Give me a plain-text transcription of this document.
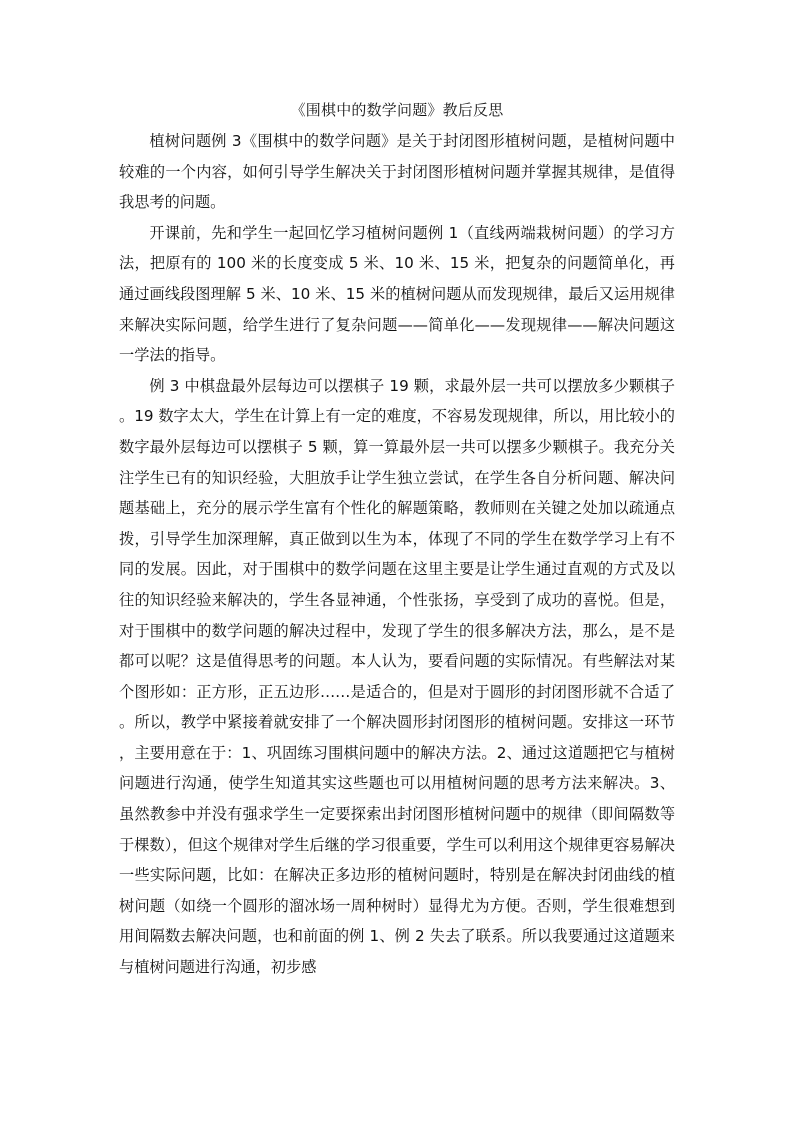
《围棋中的数学问题》教后反思

植树问题例 3《围棋中的数学问题》是关于封闭图形植树问题，是植树问题中较难的一个内容，如何引导学生解决关于封闭图形植树问题并掌握其规律，是值得我思考的问题。

开课前，先和学生一起回忆学习植树问题例 1（直线两端栽树问题）的学习方法，把原有的 100 米的长度变成 5 米、10 米、15 米，把复杂的问题简单化，再通过画线段图理解 5 米、10 米、15 米的植树问题从而发现规律，最后又运用规律来解决实际问题，给学生进行了复杂问题——简单化——发现规律——解决问题这一学法的指导。

例 3 中棋盘最外层每边可以摆棋子 19 颗，求最外层一共可以摆放多少颗棋子。19 数字太大，学生在计算上有一定的难度，不容易发现规律，所以，用比较小的数字最外层每边可以摆棋子 5 颗，算一算最外层一共可以摆多少颗棋子。我充分关注学生已有的知识经验，大胆放手让学生独立尝试，在学生各自分析问题、解决问题基础上，充分的展示学生富有个性化的解题策略，教师则在关键之处加以疏通点拨，引导学生加深理解，真正做到以生为本，体现了不同的学生在数学学习上有不同的发展。因此，对于围棋中的数学问题在这里主要是让学生通过直观的方式及以往的知识经验来解决的，学生各显神通，个性张扬，享受到了成功的喜悦。但是，对于围棋中的数学问题的解决过程中，发现了学生的很多解决方法，那么，是不是都可以呢？这是值得思考的问题。本人认为，要看问题的实际情况。有些解法对某个图形如：正方形，正五边形……是适合的，但是对于圆形的封闭图形就不合适了。所以，教学中紧接着就安排了一个解决圆形封闭图形的植树问题。安排这一环节，主要用意在于：1、巩固练习围棋问题中的解决方法。2、通过这道题把它与植树问题进行沟通，使学生知道其实这些题也可以用植树问题的思考方法来解决。3、虽然教参中并没有强求学生一定要探索出封闭图形植树问题中的规律（即间隔数等于棵数），但这个规律对学生后继的学习很重要，学生可以利用这个规律更容易解决一些实际问题，比如：在解决正多边形的植树问题时，特别是在解决封闭曲线的植树问题（如绕一个圆形的溜冰场一周种树时）显得尤为方便。否则，学生很难想到用间隔数去解决问题，也和前面的例 1、例 2 失去了联系。所以我要通过这道题来与植树问题进行沟通，初步感
